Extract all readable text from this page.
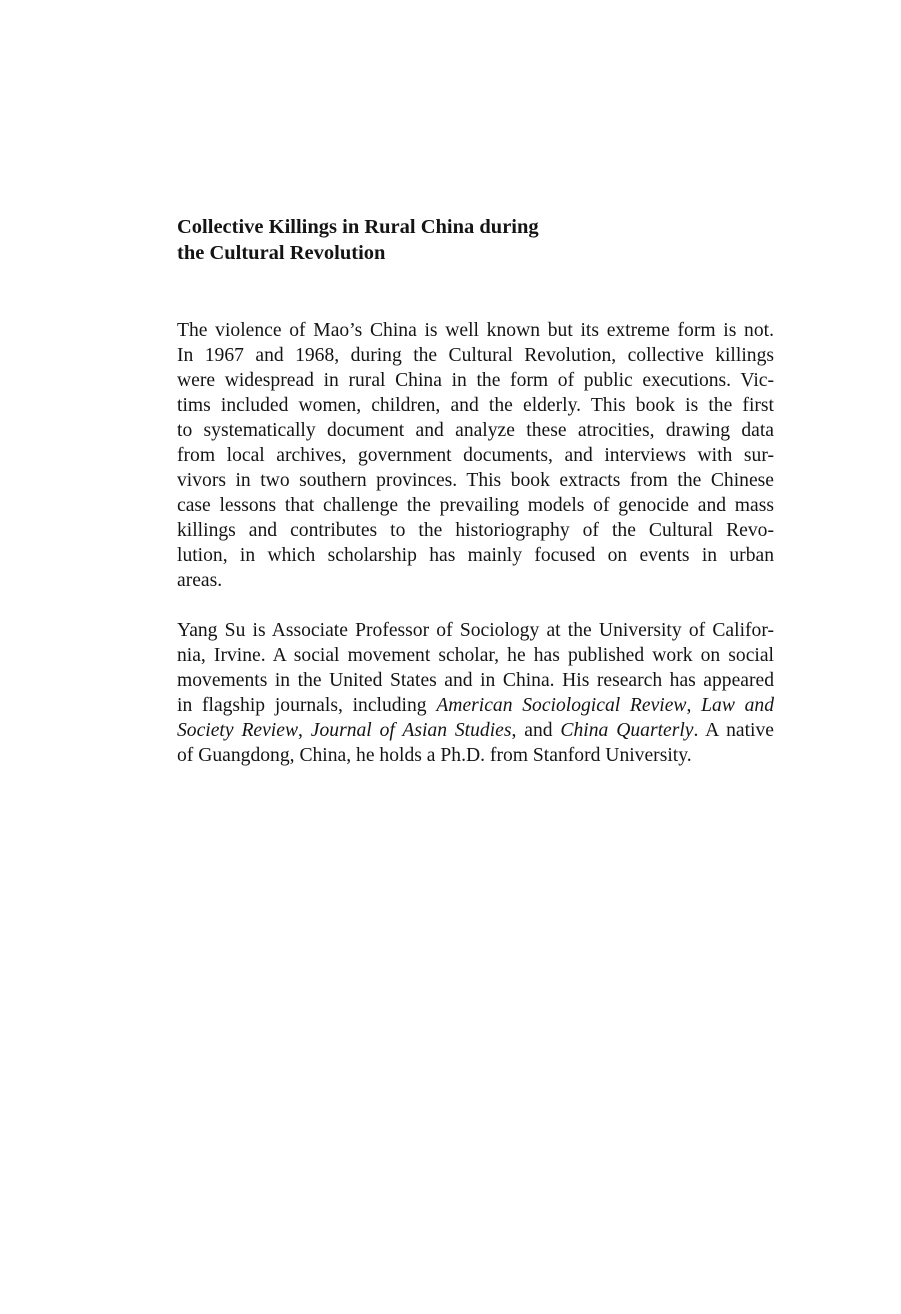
Collective Killings in Rural China during
the Cultural Revolution
The violence of Mao’s China is well known but its extreme form is not.
In 1967 and 1968, during the Cultural Revolution, collective killings
were widespread in rural China in the form of public executions. Vic-
tims included women, children, and the elderly. This book is the first
to systematically document and analyze these atrocities, drawing data
from local archives, government documents, and interviews with sur-
vivors in two southern provinces. This book extracts from the Chinese
case lessons that challenge the prevailing models of genocide and mass
killings and contributes to the historiography of the Cultural Revo-
lution, in which scholarship has mainly focused on events in urban
areas.
Yang Su is Associate Professor of Sociology at the University of Califor-
nia, Irvine. A social movement scholar, he has published work on social
movements in the United States and in China. His research has appeared
in flagship journals, including American Sociological Review, Law and
Society Review, Journal of Asian Studies, and China Quarterly. A native
of Guangdong, China, he holds a Ph.D. from Stanford University.
